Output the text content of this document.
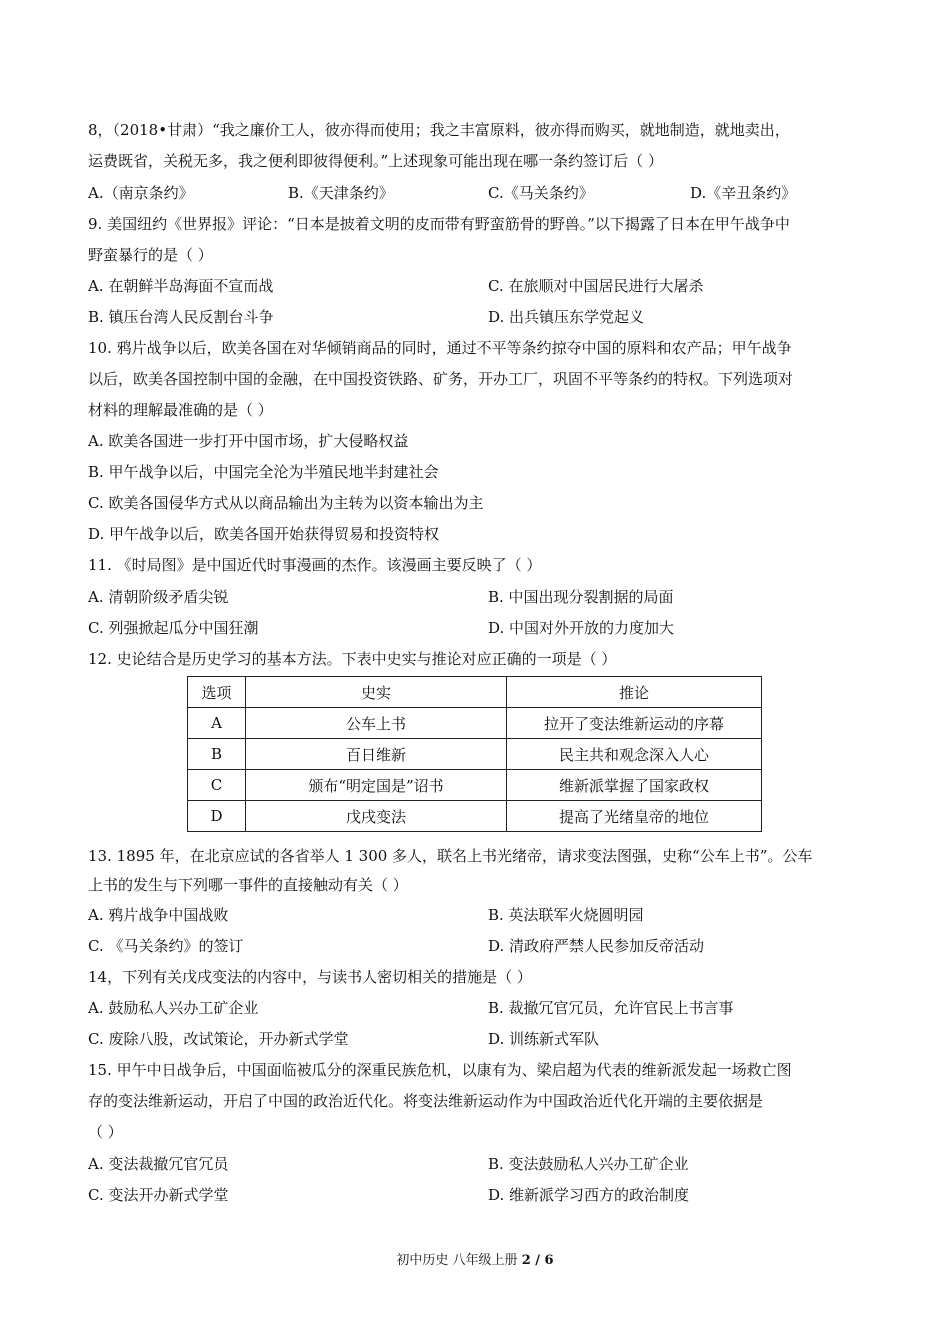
8，（2018•甘肃）“我之廉价工人，彼亦得而使用；我之丰富原料，彼亦得而购买，就地制造，就地卖出，
运费既省，关税无多，我之便利即彼得便利。”上述现象可能出现在哪一条约签订后（ ）
A.（南京条约》	B.《天津条约》	C.《马关条约》	D.《辛丑条约》
9. 美国纽约《世界报》评论：“日本是披着文明的皮而带有野蛮筋骨的野兽。”以下揭露了日本在甲午战争中
野蛮暴行的是（ ）
A. 在朝鲜半岛海面不宣而战	C. 在旅顺对中国居民进行大屠杀
B. 镇压台湾人民反割台斗争	D. 出兵镇压东学党起义
10. 鸦片战争以后，欧美各国在对华倾销商品的同时，通过不平等条约掠夺中国的原料和农产品；甲午战争
以后，欧美各国控制中国的金融，在中国投资铁路、矿务，开办工厂，巩固不平等条约的特权。下列选项对
材料的理解最准确的是（ ）
A. 欧美各国进一步打开中国市场，扩大侵略权益
B. 甲午战争以后，中国完全沦为半殖民地半封建社会
C. 欧美各国侵华方式从以商品输出为主转为以资本输出为主
D. 甲午战争以后，欧美各国开始获得贸易和投资特权
11. 《时局图》是中国近代时事漫画的杰作。该漫画主要反映了（ ）
A. 清朝阶级矛盾尖锐	B. 中国出现分裂割据的局面
C. 列强掀起瓜分中国狂潮	D. 中国对外开放的力度加大
12. 史论结合是历史学习的基本方法。下表中史实与推论对应正确的一项是（ ）
选项	史实	推论
A	公车上书	拉开了变法维新运动的序幕
B	百日维新	民主共和观念深入人心
C	颁布“明定国是”诏书	维新派掌握了国家政权
D	戊戌变法	提高了光绪皇帝的地位
13. 1895 年，在北京应试的各省举人 1 300 多人，联名上书光绪帝，请求变法图强，史称“公车上书”。公车
上书的发生与下列哪一事件的直接触动有关（ ）
A. 鸦片战争中国战败	B. 英法联军火烧圆明园
C. 《马关条约》的签订	D. 清政府严禁人民参加反帝活动
14，下列有关戊戌变法的内容中，与读书人密切相关的措施是（ ）
A. 鼓励私人兴办工矿企业	B. 裁撤冗官冗员，允许官民上书言事
C. 废除八股，改试策论，开办新式学堂	D. 训练新式军队
15. 甲午中日战争后，中国面临被瓜分的深重民族危机，以康有为、梁启超为代表的维新派发起一场救亡图
存的变法维新运动，开启了中国的政治近代化。将变法维新运动作为中国政治近代化开端的主要依据是
（ ）
A. 变法裁撤冗官冗员	B. 变法鼓励私人兴办工矿企业
C. 变法开办新式学堂	D. 维新派学习西方的政治制度
初中历史 八年级上册 2 / 6
